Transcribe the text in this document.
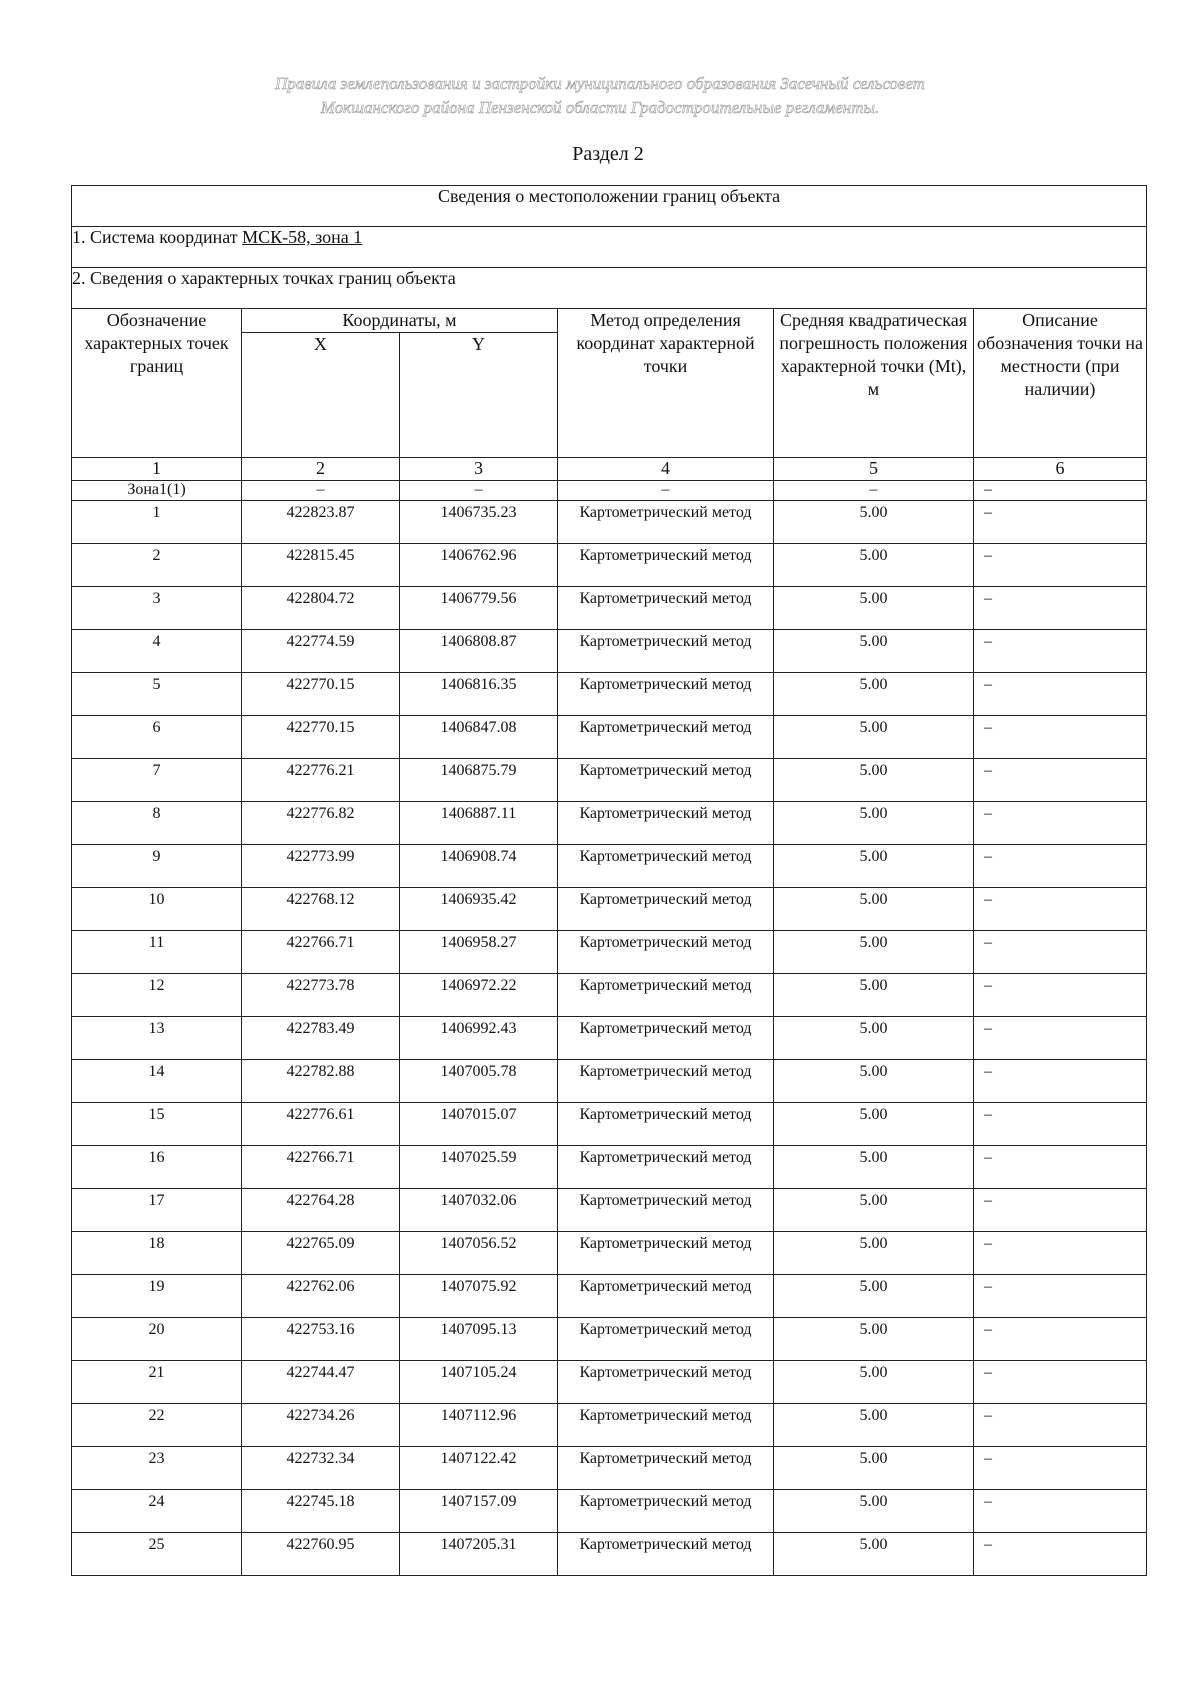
Правила землепользования и застройки муниципального образования Засечный сельсовет
Мокшанского района Пензенской области Градостроительные регламенты.
Раздел 2
Сведения о местоположении границ объекта					
1. Система координат МСК-58, зона 1					
2. Сведения о характерных точках границ объекта					
Обозначение характерных точек границ	Координаты, м		Метод определения координат характерной точки	Средняя квадратическая погрешность положения характерной точки (Mt), м	Описание обозначения точки на местности (при наличии)
	X	Y			
1	2	3	4	5	6
Зона1(1)	–	–	–	–	–

1	422823.87	1406735.23	Картометрический метод	5.00	–

2	422815.45	1406762.96	Картометрический метод	5.00	–

3	422804.72	1406779.56	Картометрический метод	5.00	–

4	422774.59	1406808.87	Картометрический метод	5.00	–

5	422770.15	1406816.35	Картометрический метод	5.00	–

6	422770.15	1406847.08	Картометрический метод	5.00	–

7	422776.21	1406875.79	Картометрический метод	5.00	–

8	422776.82	1406887.11	Картометрический метод	5.00	–

9	422773.99	1406908.74	Картометрический метод	5.00	–

10	422768.12	1406935.42	Картометрический метод	5.00	–

11	422766.71	1406958.27	Картометрический метод	5.00	–

12	422773.78	1406972.22	Картометрический метод	5.00	–

13	422783.49	1406992.43	Картометрический метод	5.00	–

14	422782.88	1407005.78	Картометрический метод	5.00	–

15	422776.61	1407015.07	Картометрический метод	5.00	–

16	422766.71	1407025.59	Картометрический метод	5.00	–

17	422764.28	1407032.06	Картометрический метод	5.00	–

18	422765.09	1407056.52	Картометрический метод	5.00	–

19	422762.06	1407075.92	Картометрический метод	5.00	–

20	422753.16	1407095.13	Картометрический метод	5.00	–

21	422744.47	1407105.24	Картометрический метод	5.00	–

22	422734.26	1407112.96	Картометрический метод	5.00	–

23	422732.34	1407122.42	Картометрический метод	5.00	–

24	422745.18	1407157.09	Картометрический метод	5.00	–

25	422760.95	1407205.31	Картометрический метод	5.00	–
